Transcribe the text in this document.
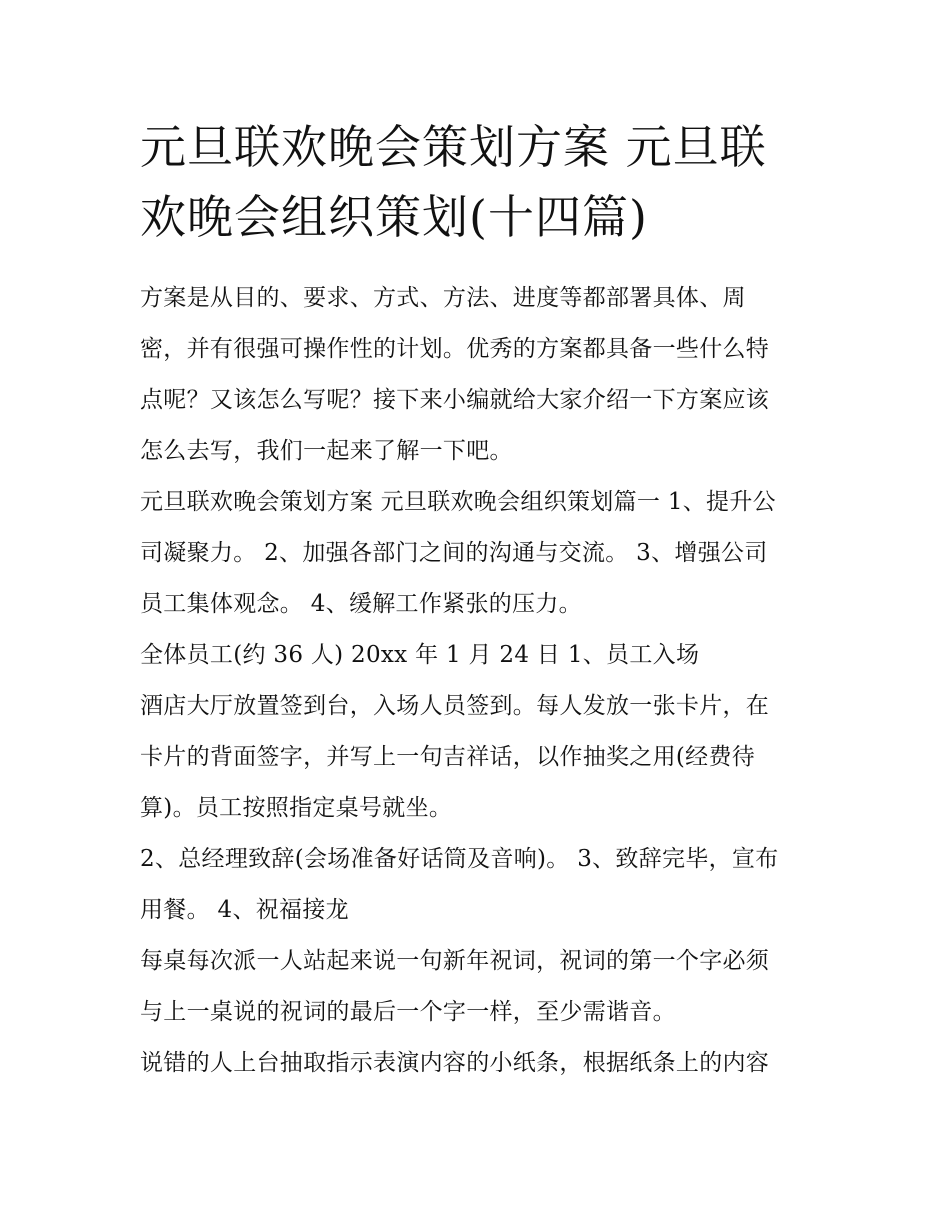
元旦联欢晚会策划方案 元旦联
欢晚会组织策划(十四篇)

方案是从目的、要求、方式、方法、进度等都部署具体、周
密，并有很强可操作性的计划。优秀的方案都具备一些什么特
点呢？又该怎么写呢？接下来小编就给大家介绍一下方案应该
怎么去写，我们一起来了解一下吧。

元旦联欢晚会策划方案 元旦联欢晚会组织策划篇一 1、提升公
司凝聚力。 2、加强各部门之间的沟通与交流。 3、增强公司
员工集体观念。 4、缓解工作紧张的压力。

全体员工(约 36 人) 20xx 年 1 月 24 日 1、员工入场

酒店大厅放置签到台，入场人员签到。每人发放一张卡片，在
卡片的背面签字，并写上一句吉祥话，以作抽奖之用(经费待
算)。员工按照指定桌号就坐。

2、总经理致辞(会场准备好话筒及音响)。 3、致辞完毕，宣布
用餐。 4、祝福接龙

每桌每次派一人站起来说一句新年祝词，祝词的第一个字必须
与上一桌说的祝词的最后一个字一样，至少需谐音。

说错的人上台抽取指示表演内容的小纸条，根据纸条上的内容
